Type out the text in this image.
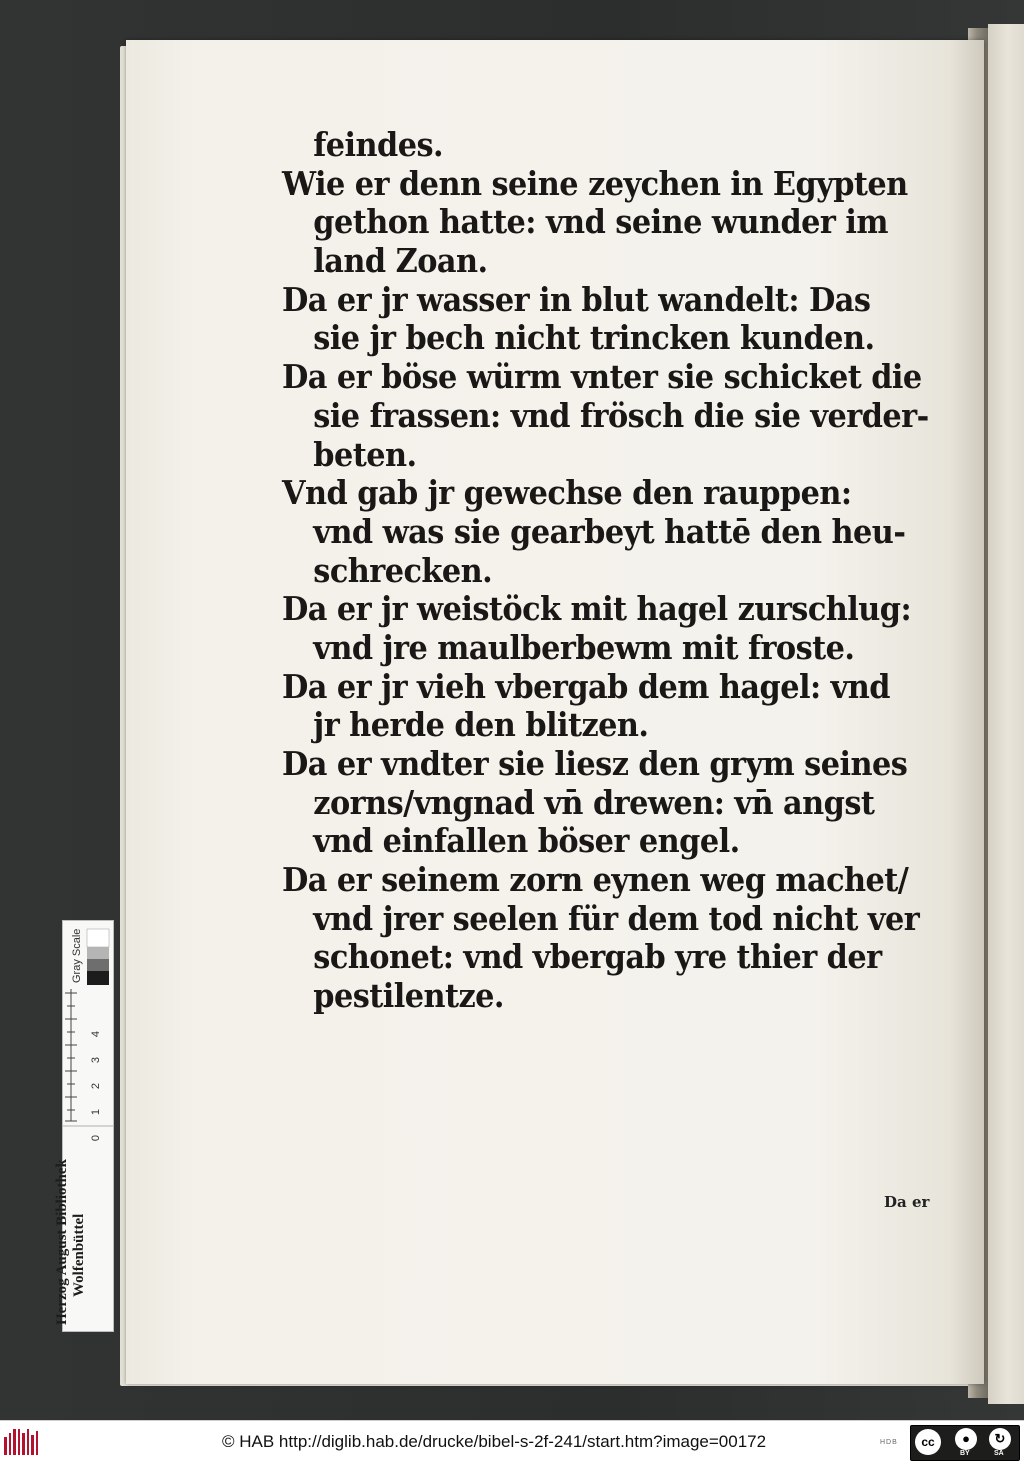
feindes.
Wie er denn seine zeychen in Egypten
gethon hatte: vnd seine wunder im
land Zoan.
Da er jr wasser in blut wandelt: Das
sie jr bech nicht trincken kunden.
Da er böse würm vnter sie schicket die
sie frassen: vnd frösch die sie verder-
beten.
Vnd gab jr gewechse den rauppen:
vnd was sie gearbeyt hattē den heu-
schrecken.
Da er jr weistöck mit hagel zurschlug:
vnd jre maulberbewm mit froste.
Da er jr vieh vbergab dem hagel: vnd
jr herde den blitzen.
Da er vndter sie liesz den grym seines
zorns/vngnad vn̄ drewen: vn̄ angst
vnd einfallen böser engel.
Da er seinem zorn eynen weg machet/
vnd jrer seelen für dem tod nicht ver
schonet: vnd vbergab yre thier der
pestilentze.
Da er
Herzog August Bibliothek Wolfenbüttel
Gray Scale
0
1
2
3
4
© HAB http://diglib.hab.de/drucke/bibel-s-2f-241/start.htm?image=00172	HDB	cc	●	↻
BY	SA
